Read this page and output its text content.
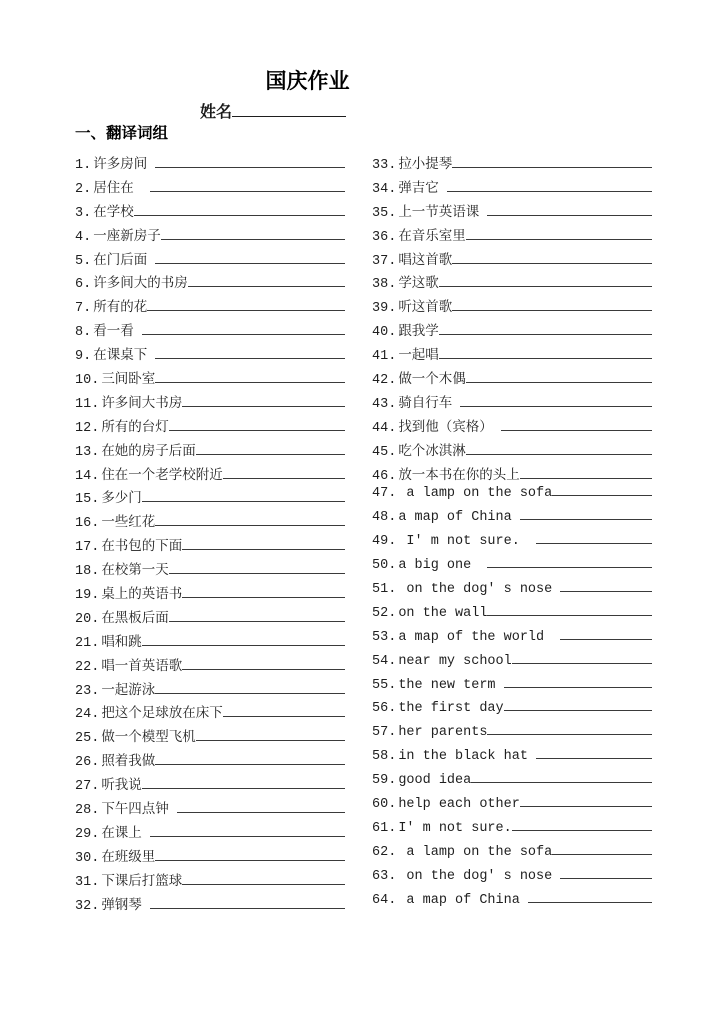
国庆作业
姓名
一、翻译词组
1. 许多房间
2. 居住在
3. 在学校
4. 一座新房子
5. 在门后面
6. 许多间大的书房
7. 所有的花
8. 看一看
9. 在课桌下
10. 三间卧室
11. 许多间大书房
12. 所有的台灯
13. 在她的房子后面
14. 住在一个老学校附近
15. 多少门
16. 一些红花
17. 在书包的下面
18. 在校第一天
19. 桌上的英语书
20. 在黑板后面
21. 唱和跳
22. 唱一首英语歌
23. 一起游泳
24. 把这个足球放在床下
25. 做一个模型飞机
26. 照着我做
27. 听我说
28. 下午四点钟
29. 在课上
30. 在班级里
31. 下课后打篮球
32. 弹钢琴
33. 拉小提琴
34. 弹吉它
35. 上一节英语课
36. 在音乐室里
37. 唱这首歌
38. 学这歌
39. 听这首歌
40. 跟我学
41. 一起唱
42. 做一个木偶
43. 骑自行车
44. 找到他（宾格）
45. 吃个冰淇淋
46. 放一本书在你的头上
47. a lamp on the sofa
48. a map of China
49. I' m not sure.
50. a big one
51. on the dog' s nose
52. on the wall
53. a map of the world
54. near my school
55. the new term
56. the first day
57. her parents
58. in the black hat
59. good idea
60. help each other
61. I' m not sure.
62. a lamp on the sofa
63. on the dog' s nose
64. a map of China
